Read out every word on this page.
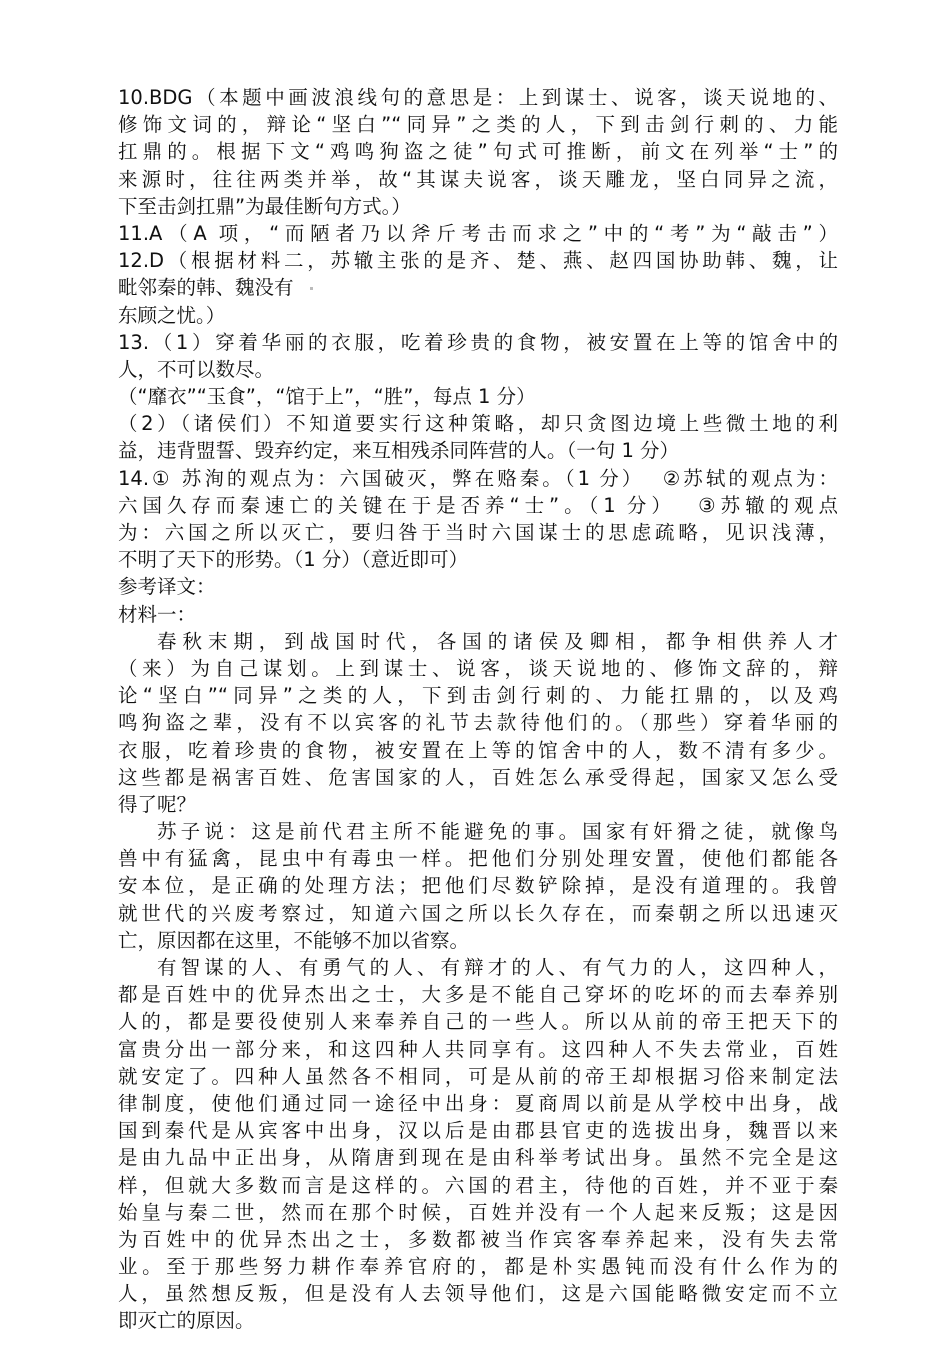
10.BDG（本题中画波浪线句的意思是：上到谋士、说客，谈天说地的、

修饰文词的，辩论“坚白”“同异”之类的人，下到击剑行刺的、力能

扛鼎的。根据下文“鸡鸣狗盗之徒”句式可推断，前文在列举“士”的

来源时，往往两类并举，故“其谋夫说客，谈天雕龙，坚白同异之流，

下至击剑扛鼎”为最佳断句方式。）

11.A（A 项，“而陋者乃以斧斤考击而求之”中的“考”为“敲击”）

12.D（根据材料二，苏辙主张的是齐、楚、燕、赵四国协助韩、魏，让

毗邻秦的韩、魏没有

东顾之忧。）

13.（1）穿着华丽的衣服，吃着珍贵的食物，被安置在上等的馆舍中的

人，不可以数尽。

（“靡衣”“玉食”，“馆于上”，“胜”，每点 1 分）

（2）（诸侯们）不知道要实行这种策略，却只贪图边境上些微土地的利

益，违背盟誓、毁弃约定，来互相残杀同阵营的人。（一句 1 分）

14.① 苏洵的观点为：六国破灭，弊在赂秦。（1 分）  ②苏轼的观点为：

六国久存而秦速亡的关键在于是否养“士”。（1 分）  ③苏辙的观点

为：六国之所以灭亡，要归咎于当时六国谋士的思虑疏略，见识浅薄，

不明了天下的形势。（1 分）（意近即可）

参考译文：

材料一：

春秋末期，到战国时代，各国的诸侯及卿相，都争相供养人才

（来）为自己谋划。上到谋士、说客，谈天说地的、修饰文辞的，辩

论“坚白”“同异”之类的人，下到击剑行刺的、力能扛鼎的，以及鸡

鸣狗盗之辈，没有不以宾客的礼节去款待他们的。（那些）穿着华丽的

衣服，吃着珍贵的食物，被安置在上等的馆舍中的人，数不清有多少。

这些都是祸害百姓、危害国家的人，百姓怎么承受得起，国家又怎么受

得了呢？

苏子说：这是前代君主所不能避免的事。国家有奸猾之徒，就像鸟

兽中有猛禽，昆虫中有毒虫一样。把他们分别处理安置，使他们都能各

安本位，是正确的处理方法；把他们尽数铲除掉，是没有道理的。我曾

就世代的兴废考察过，知道六国之所以长久存在，而秦朝之所以迅速灭

亡，原因都在这里，不能够不加以省察。

有智谋的人、有勇气的人、有辩才的人、有气力的人，这四种人，

都是百姓中的优异杰出之士，大多是不能自己穿坏的吃坏的而去奉养别

人的，都是要役使别人来奉养自己的一些人。所以从前的帝王把天下的

富贵分出一部分来，和这四种人共同享有。这四种人不失去常业，百姓

就安定了。四种人虽然各不相同，可是从前的帝王却根据习俗来制定法

律制度，使他们通过同一途径中出身：夏商周以前是从学校中出身，战

国到秦代是从宾客中出身，汉以后是由郡县官吏的选拔出身，魏晋以来

是由九品中正出身，从隋唐到现在是由科举考试出身。虽然不完全是这

样，但就大多数而言是这样的。六国的君主，待他的百姓，并不亚于秦

始皇与秦二世，然而在那个时候，百姓并没有一个人起来反叛；这是因

为百姓中的优异杰出之士，多数都被当作宾客奉养起来，没有失去常

业。至于那些努力耕作奉养官府的，都是朴实愚钝而没有什么作为的

人，虽然想反叛，但是没有人去领导他们，这是六国能略微安定而不立

即灭亡的原因。
